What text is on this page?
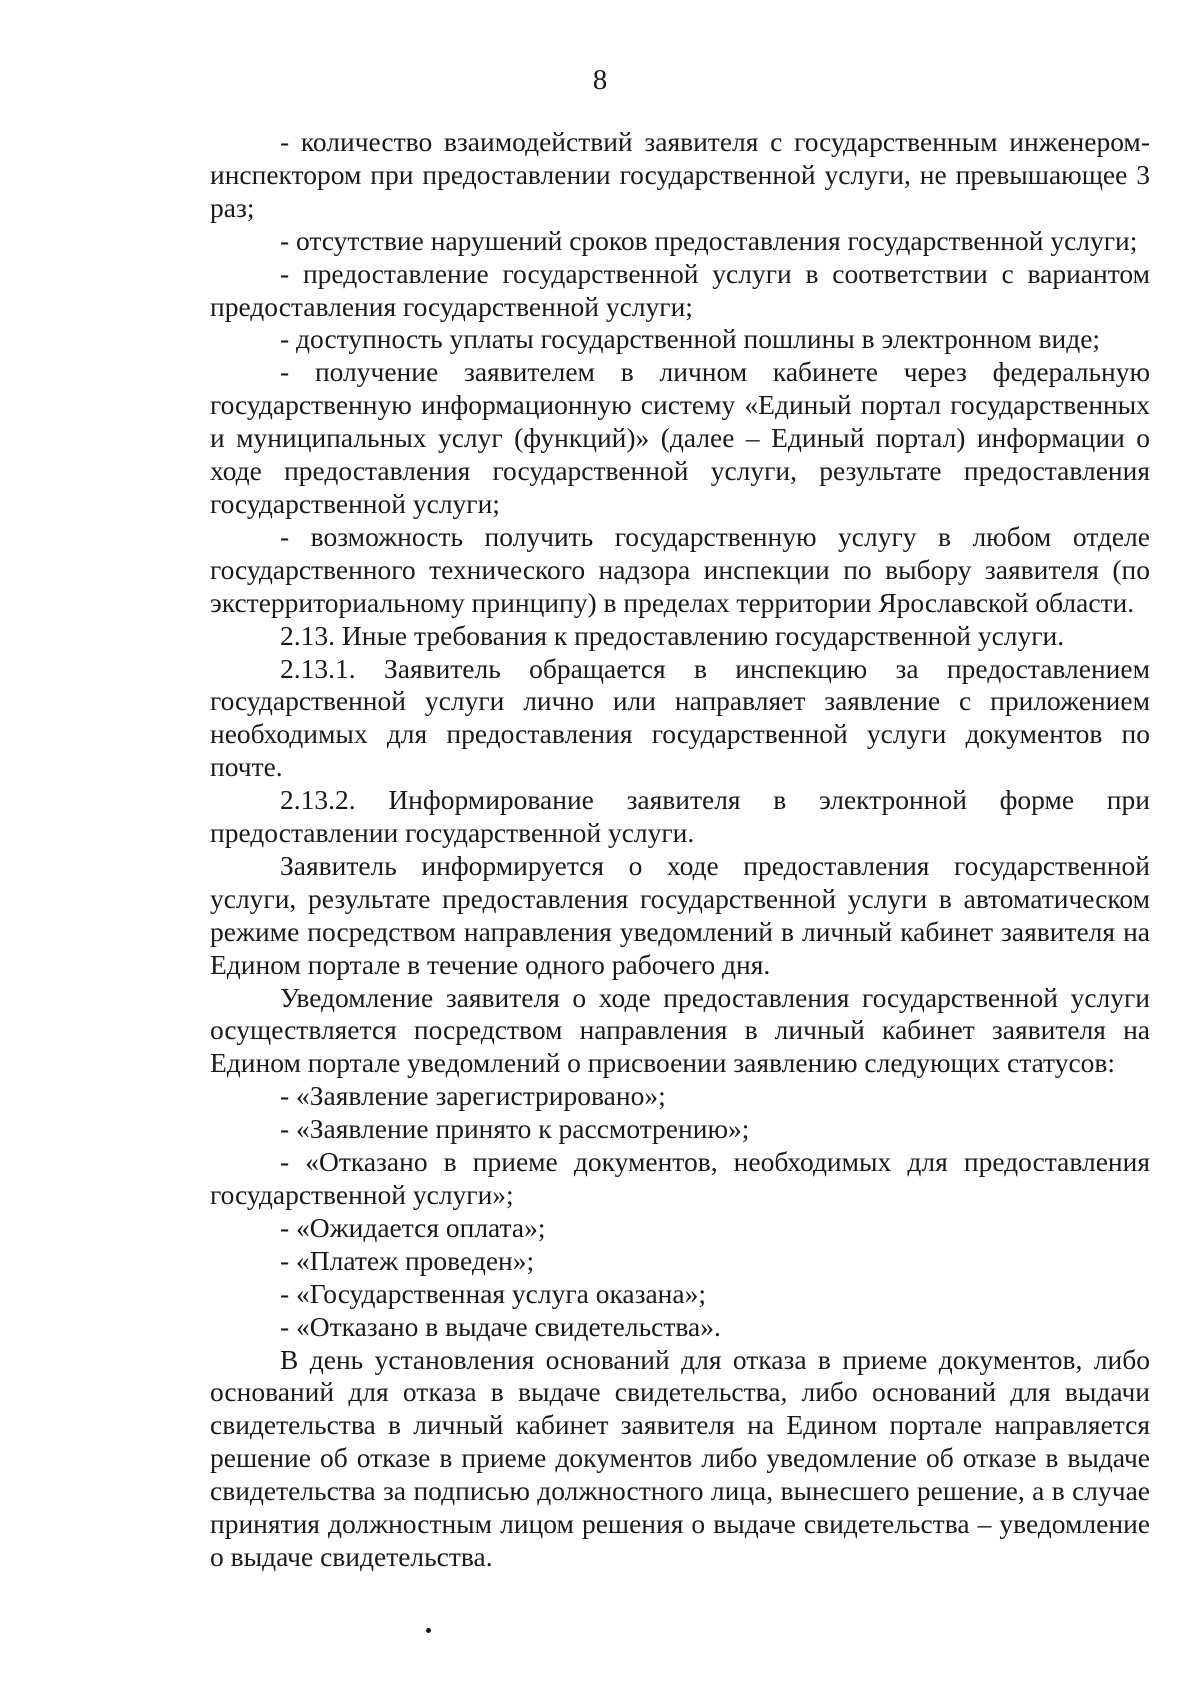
8

- количество взаимодействий заявителя с государственным инженером-инспектором при предоставлении государственной услуги, не превышающее 3 раз;

- отсутствие нарушений сроков предоставления государственной услуги;

- предоставление государственной услуги в соответствии с вариантом предоставления государственной услуги;

- доступность уплаты государственной пошлины в электронном виде;

- получение заявителем в личном кабинете через федеральную государственную информационную систему «Единый портал государственных и муниципальных услуг (функций)» (далее – Единый портал) информации о ходе предоставления государственной услуги, результате предоставления государственной услуги;

- возможность получить государственную услугу в любом отделе государственного технического надзора инспекции по выбору заявителя (по экстерриториальному принципу) в пределах территории Ярославской области.

2.13. Иные требования к предоставлению государственной услуги.

2.13.1. Заявитель обращается в инспекцию за предоставлением государственной услуги лично или направляет заявление с приложением необходимых для предоставления государственной услуги документов по почте.

2.13.2. Информирование заявителя в электронной форме при предоставлении государственной услуги.

Заявитель информируется о ходе предоставления государственной услуги, результате предоставления государственной услуги в автоматическом режиме посредством направления уведомлений в личный кабинет заявителя на Едином портале в течение одного рабочего дня.

Уведомление заявителя о ходе предоставления государственной услуги осуществляется посредством направления в личный кабинет заявителя на Едином портале уведомлений о присвоении заявлению следующих статусов:

- «Заявление зарегистрировано»;

- «Заявление принято к рассмотрению»;

- «Отказано в приеме документов, необходимых для предоставления государственной услуги»;

- «Ожидается оплата»;

- «Платеж проведен»;

- «Государственная услуга оказана»;

- «Отказано в выдаче свидетельства».

В день установления оснований для отказа в приеме документов, либо оснований для отказа в выдаче свидетельства, либо оснований для выдачи свидетельства в личный кабинет заявителя на Едином портале направляется решение об отказе в приеме документов либо уведомление об отказе в выдаче свидетельства за подписью должностного лица, вынесшего решение, а в случае принятия должностным лицом решения о выдаче свидетельства – уведомление о выдаче свидетельства.
